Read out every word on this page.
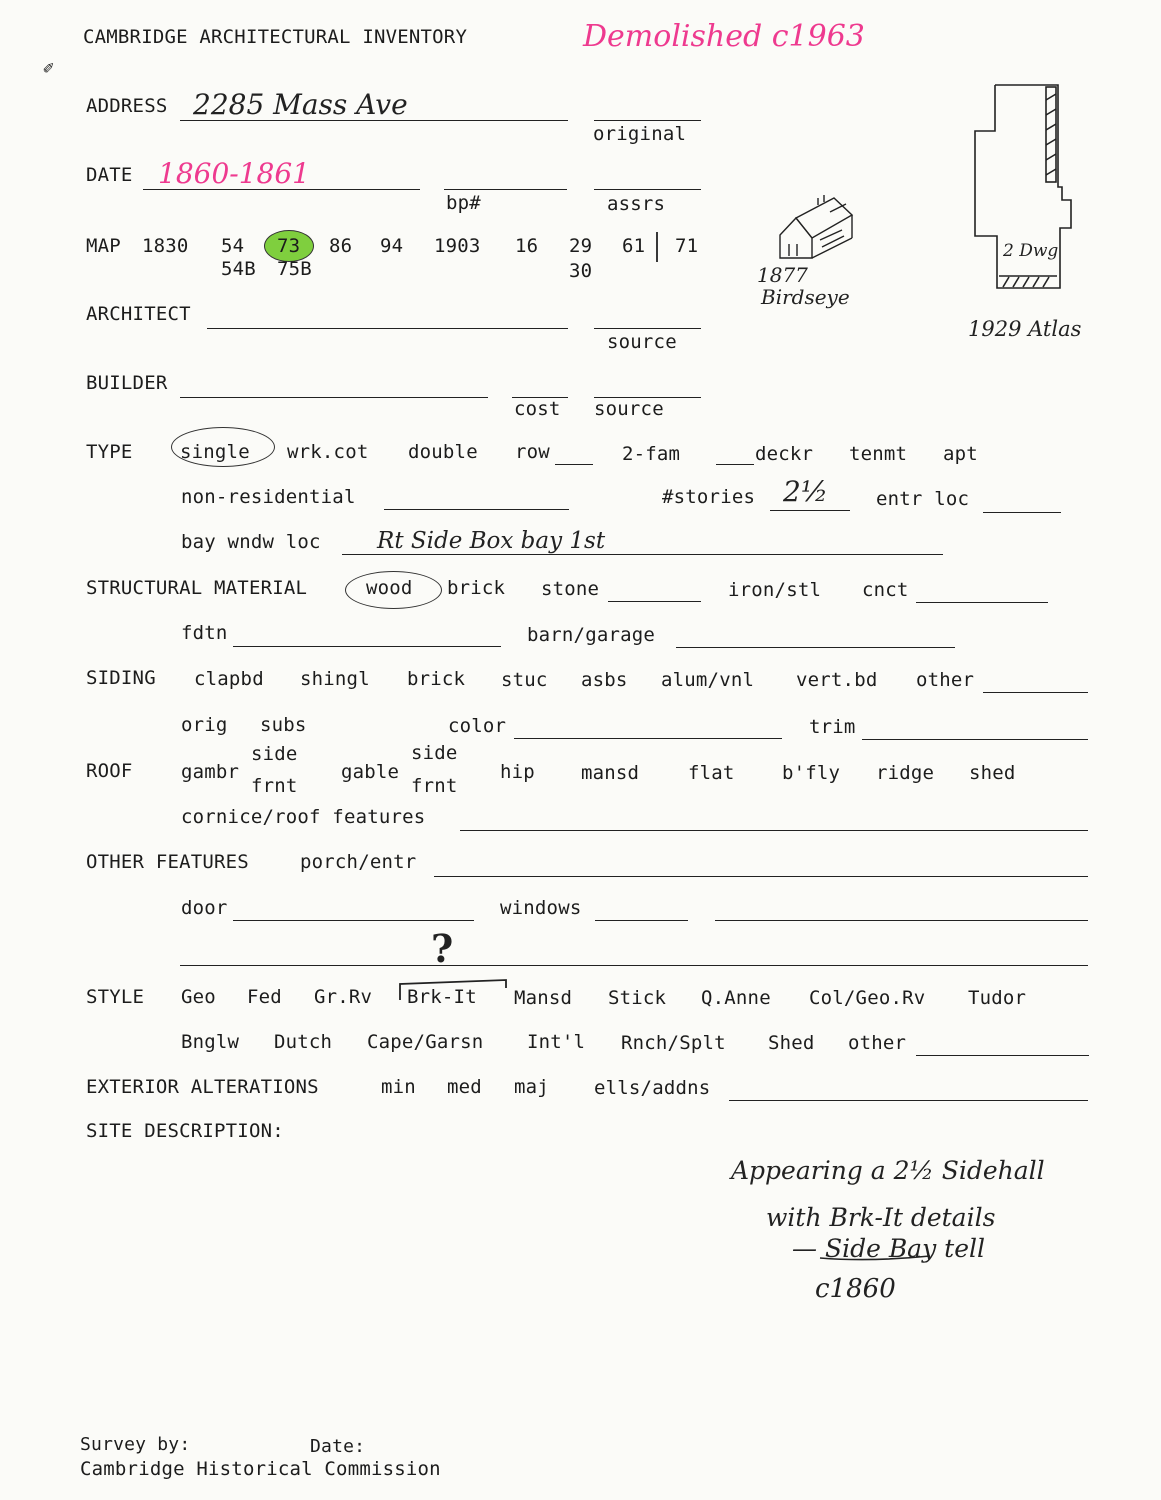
CAMBRIDGE ARCHITECTURAL INVENTORY	Demolished c1963
✐
ADDRESS 2285 Mass Ave
original
DATE 1860-1861
bp#	assrs
MAP 1830 54 73 86 94 1903 16 29 61 71
54B 75B	30
ARCHITECT
source
BUILDER
cost source
TYPE single wrk.cot double row	2-fam	deckr tenmt apt
non-residential	#stories 2½	entr loc
bay wndw loc Rt Side Box bay 1st
STRUCTURAL MATERIAL	wood brick stone	iron/stl cnct
fdtn	barn/garage
SIDING clapbd shingl brick stuc asbs alum/vnl vert.bd other
orig subs	color	trim
ROOF	gambr
side
frnt
gable
side
frnt
hip mansd	flat b'fly ridge shed
cornice/roof features
OTHER FEATURES	porch/entr
door	windows
?
STYLE Geo Fed Gr.Rv Brk-It Mansd Stick Q.Anne Col/Geo.Rv Tudor
Bnglw Dutch Cape/Garsn Int'l Rnch/Splt Shed other
EXTERIOR ALTERATIONS	min med maj ells/addns
SITE DESCRIPTION:
Appearing a 2½ Sidehall
with Brk-It details
— Side Bay tell
c1860
1877
Birdseye
1929 Atlas
2 Dwg
Survey by:	Date:
Cambridge Historical Commission
